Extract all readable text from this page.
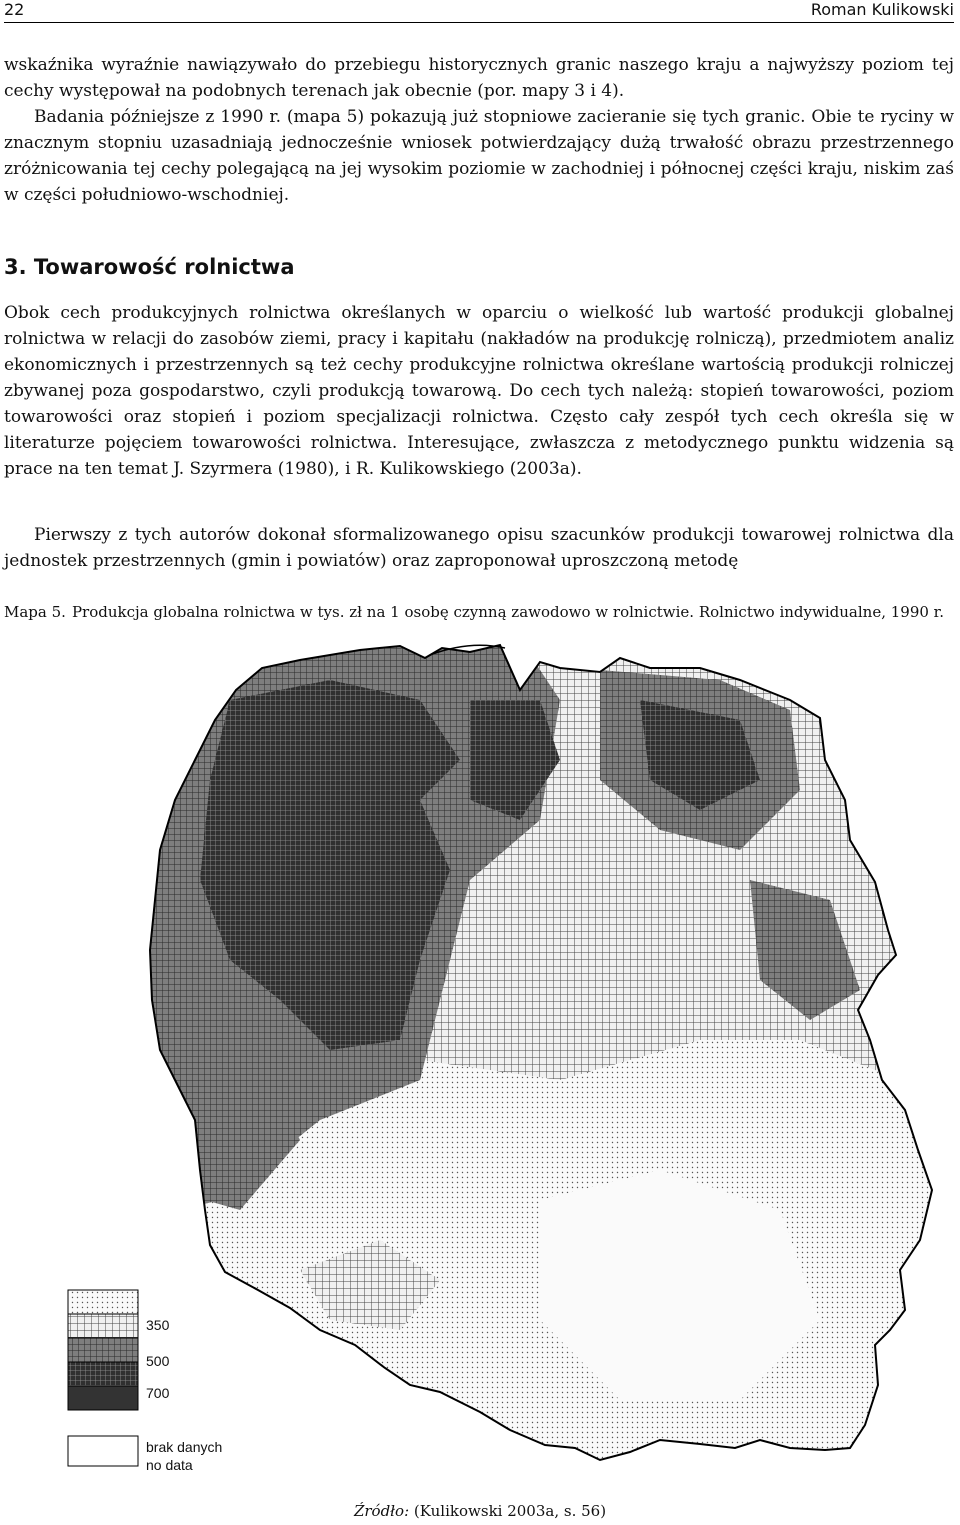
22	Roman Kulikowski

wskaźnika wyraźnie nawiązywało do przebiegu historycznych granic naszego kraju a najwyższy poziom tej cechy występował na podobnych terenach jak obecnie (por. mapy 3 i 4).

Badania późniejsze z 1990 r. (mapa 5) pokazują już stopniowe zacieranie się tych granic. Obie te ryciny w znacznym stopniu uzasadniają jednocześnie wniosek potwierdzający dużą trwałość obrazu przestrzennego zróżnicowania tej cechy polegającą na jej wysokim poziomie w zachodniej i północnej części kraju, niskim zaś w części południowo-wschodniej.

3. Towarowość rolnictwa

Obok cech produkcyjnych rolnictwa określanych w oparciu o wielkość lub wartość produkcji globalnej rolnictwa w relacji do zasobów ziemi, pracy i kapitału (nakładów na produkcję rolniczą), przedmiotem analiz ekonomicznych i przestrzennych są też cechy produkcyjne rolnictwa określane wartością produkcji rolniczej zbywanej poza gospodarstwo, czyli produkcją towarową. Do cech tych należą: stopień towarowości, poziom towarowości oraz stopień i poziom specjalizacji rolnictwa. Często cały zespół tych cech określa się w literaturze pojęciem towarowości rolnictwa. Interesujące, zwłaszcza z metodycznego punktu widzenia są prace na ten temat J. Szyrmera (1980), i R. Kulikowskiego (2003a).

Pierwszy z tych autorów dokonał sformalizowanego opisu szacunków produkcji towarowej rolnictwa dla jednostek przestrzennych (gmin i powiatów) oraz zaproponował uproszczoną metodę

Mapa 5. Produkcja globalna rolnictwa w tys. zł na 1 osobę czynną zawodowo w rolnictwie. Rolnictwo indywidualne, 1990 r.
350
500
700
brak danych
no data

Źródło: (Kulikowski 2003a, s. 56)
